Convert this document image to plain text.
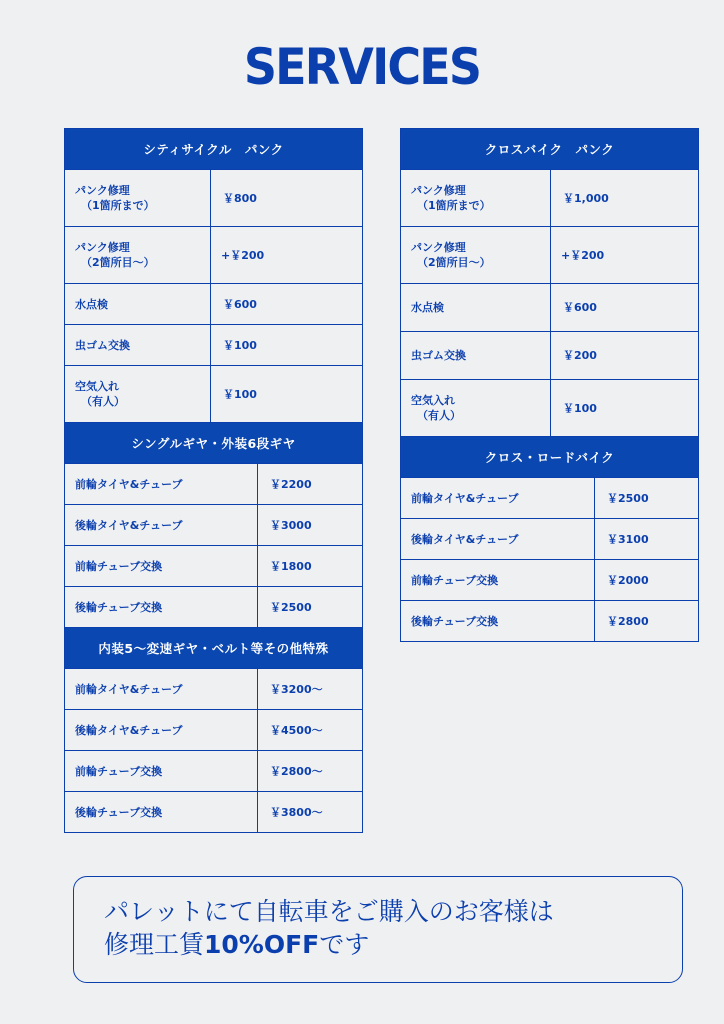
SERVICES
シティサイクル　パンク	
パンク修理
（1箇所まで）	￥800
パンク修理
（2箇所目〜）	+￥200
水点検	￥600
虫ゴム交換	￥100
空気入れ
（有人）	￥100
シングルギヤ・外装6段ギヤ	
前輪タイヤ&チューブ	￥2200
後輪タイヤ&チューブ	￥3000
前輪チューブ交換	￥1800
後輪チューブ交換	￥2500
内装5〜変速ギヤ・ベルト等その他特殊	
前輪タイヤ&チューブ	￥3200〜
後輪タイヤ&チューブ	￥4500〜
前輪チューブ交換	￥2800〜
後輪チューブ交換	￥3800〜
クロスバイク　パンク	
パンク修理
（1箇所まで）	￥1,000
パンク修理
（2箇所目〜）	+￥200
水点検	￥600
虫ゴム交換	￥200
空気入れ
（有人）	￥100
クロス・ロードバイク	
前輪タイヤ&チューブ	￥2500
後輪タイヤ&チューブ	￥3100
前輪チューブ交換	￥2000
後輪チューブ交換	￥2800
パレットにて自転車をご購入のお客様は
修理工賃10%OFFです
